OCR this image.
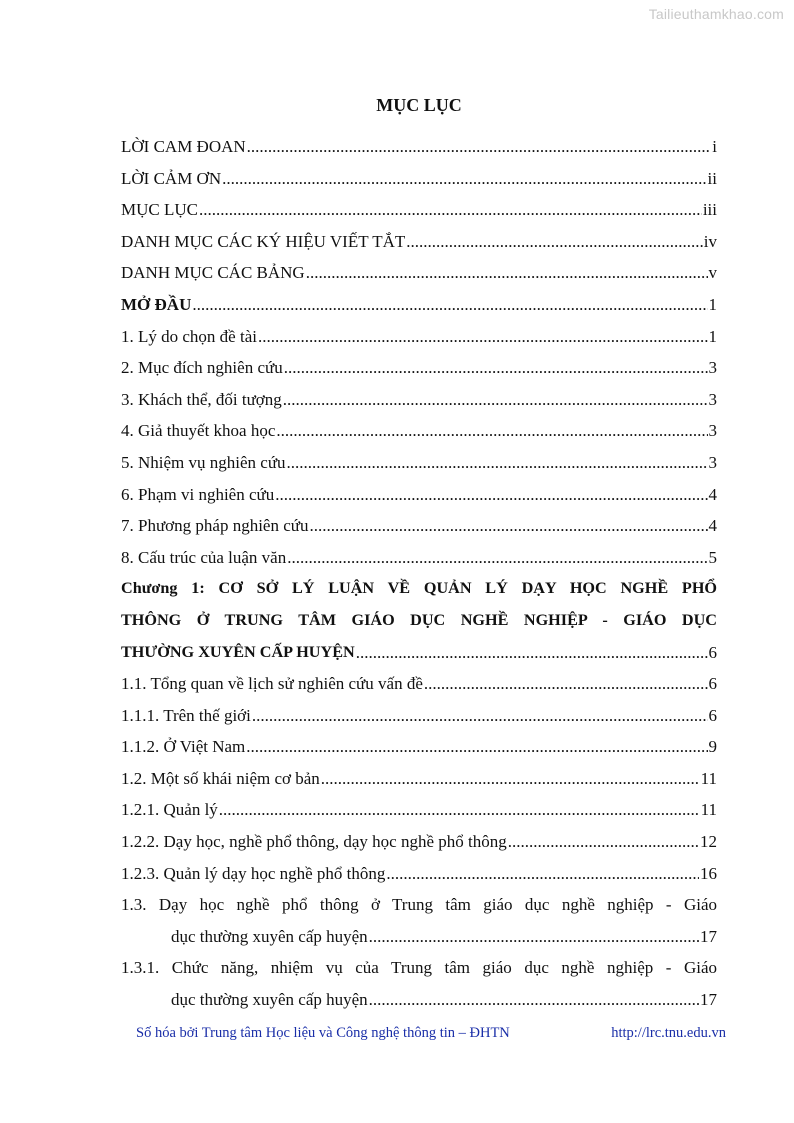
Tailieuthamkhao.com
MỤC LỤC
LỜI CAM ĐOAN .....	i
LỜI CẢM ƠN .....	ii
MỤC LỤC .....	iii
DANH MỤC CÁC KÝ HIỆU VIẾT TẮT .....	iv
DANH MỤC CÁC BẢNG .....	v
MỞ ĐẦU .....	1
1. Lý do chọn đề tài .....	1
2. Mục đích nghiên cứu .....	3
3. Khách thể, đối tượng .....	3
4. Giả thuyết khoa học .....	3
5. Nhiệm vụ nghiên cứu .....	3
6. Phạm vi nghiên cứu .....	4
7. Phương pháp nghiên cứu .....	4
8. Cấu trúc của luận văn .....	5
Chương 1: CƠ SỞ LÝ LUẬN VỀ QUẢN LÝ DẠY HỌC NGHỀ PHỔ
THÔNG Ở TRUNG TÂM GIÁO DỤC NGHỀ NGHIỆP - GIÁO DỤC
THƯỜNG XUYÊN CẤP HUYỆN .....	6
1.1. Tổng quan về lịch sử nghiên cứu vấn đề .....	6
1.1.1. Trên thế giới .....	6
1.1.2. Ở Việt Nam .....	9
1.2. Một số khái niệm cơ bản .....	11
1.2.1. Quản lý .....	11
1.2.2. Dạy học, nghề phổ thông, dạy học nghề phổ thông .....	12
1.2.3. Quản lý dạy học nghề phổ thông .....	16
1.3. Dạy học nghề phổ thông ở Trung tâm giáo dục nghề nghiệp - Giáo
dục thường xuyên cấp huyện .....	17
1.3.1. Chức năng, nhiệm vụ của Trung tâm giáo dục nghề nghiệp - Giáo
dục thường xuyên cấp huyện .....	17
Số hóa bởi Trung tâm Học liệu và Công nghệ thông tin – ĐHTN	http://lrc.tnu.edu.vn
